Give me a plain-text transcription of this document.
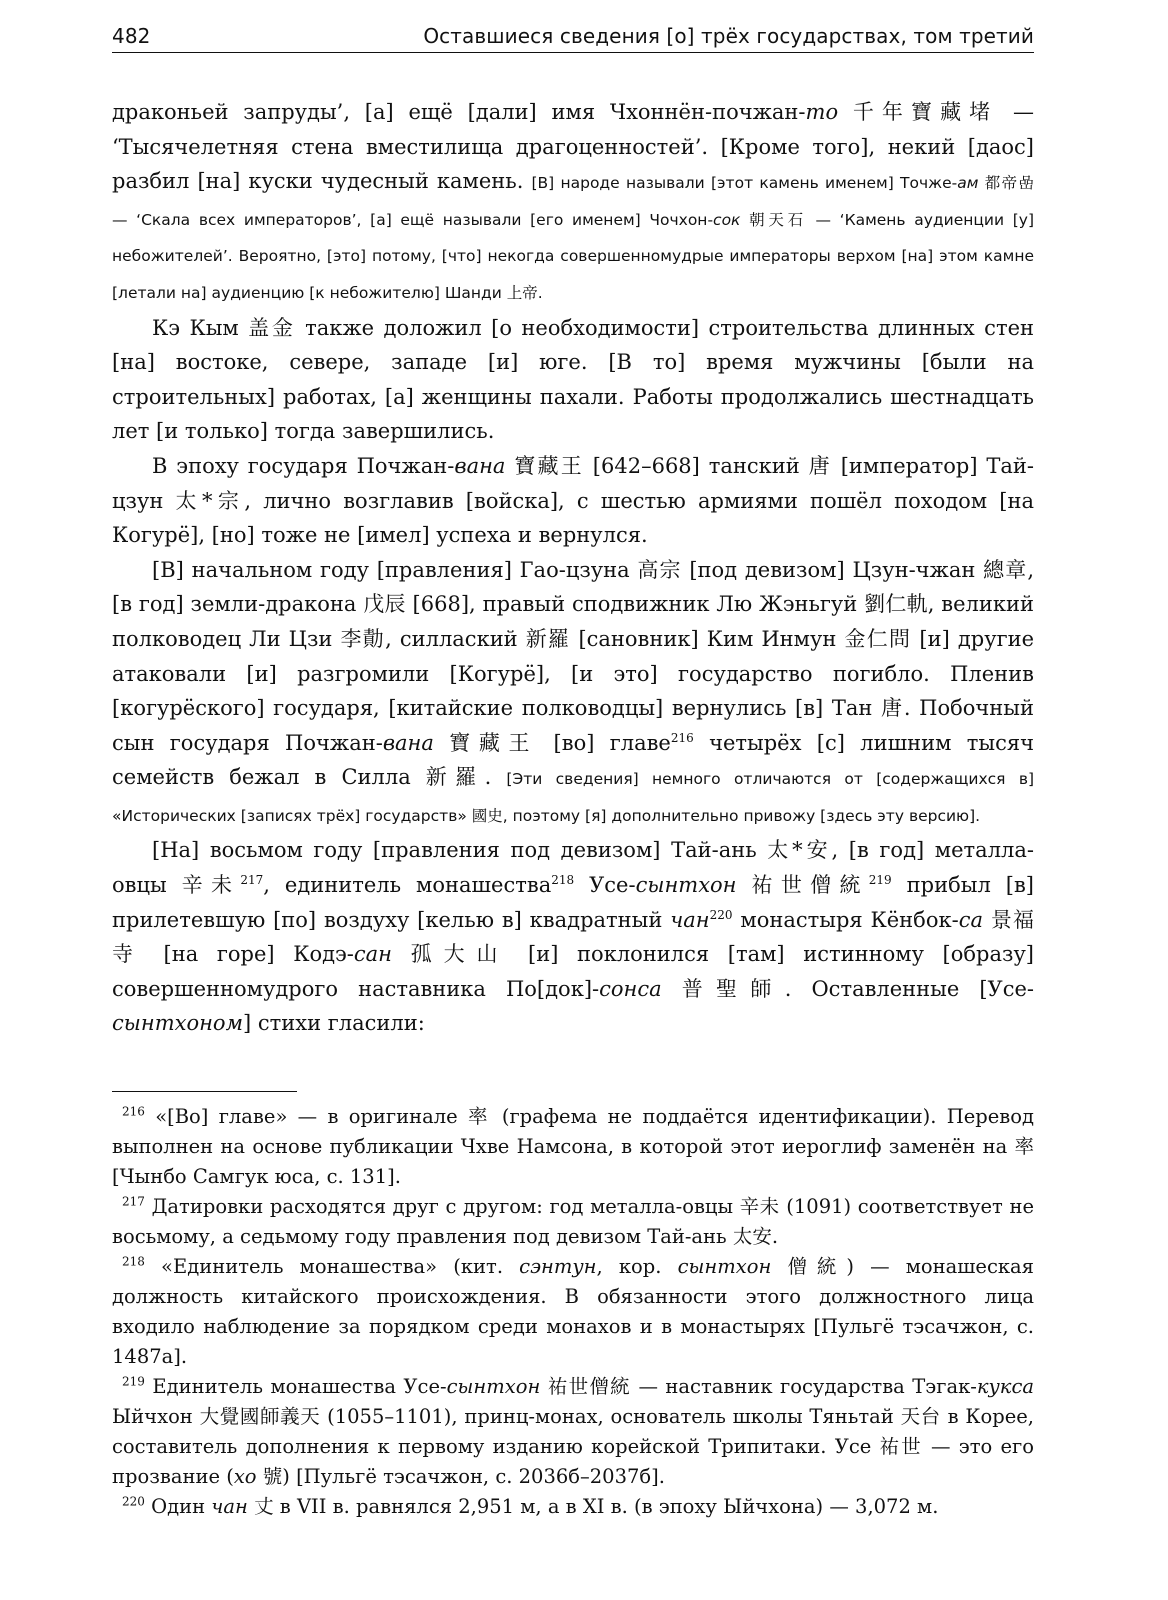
482	Оставшиеся сведения [о] трёх государствах, том третий

драконьей запруды’, [а] ещё [дали] имя Чхоннён-почжан-то 千年寶藏堵 — ‘Тысячелетняя стена вместилища драгоценностей’. [Кроме того], некий [даос] разбил [на] куски чудесный камень. [В] народе называли [этот камень именем] Точже-ам 都帝嵒 — ‘Скала всех императоров’, [а] ещё называли [его именем] Чочхон-сок 朝天石 — ‘Камень аудиенции [у] небожителей’. Вероятно, [это] потому, [что] некогда совершенномудрые императоры верхом [на] этом камне [летали на] аудиенцию [к небожителю] Шанди 上帝.

Кэ Кым 盖金 также доложил [о необходимости] строительства длинных стен [на] востоке, севере, западе [и] юге. [В то] время мужчины [были на строительных] работах, [а] женщины пахали. Работы продолжались шестнадцать лет [и только] тогда завершились.

В эпоху государя Почжан-вана 寶藏王 [642–668] танский 唐 [император] Тай-цзун 太*宗, лично возглавив [войска], с шестью армиями пошёл походом [на Когурё], [но] тоже не [имел] успеха и вернулся.

[В] начальном году [правления] Гао-цзуна 高宗 [под девизом] Цзун-чжан 總章, [в год] земли-дракона 戊辰 [668], правый сподвижник Лю Жэньгуй 劉仁軌, великий полководец Ли Цзи 李勣, силлаский 新羅 [сановник] Ким Инмун 金仁問 [и] другие атаковали [и] разгромили [Когурё], [и это] государство погибло. Пленив [когурёского] государя, [китайские полководцы] вернулись [в] Тан 唐. Побочный сын государя Почжан-вана 寶藏王 [во] главе$^{216}$ четырёх [с] лишним тысяч семейств бежал в Силла 新羅. [Эти сведения] немного отличаются от [содержащихся в] «Исторических [записях трёх] государств» 國史, поэтому [я] дополнительно привожу [здесь эту версию].

[На] восьмом году [правления под девизом] Тай-ань 太*安, [в год] металла-овцы 辛未$^{217}$, единитель монашества$^{218}$ Усе-сынтхон 祐世僧統$^{219}$ прибыл [в] прилетевшую [по] воздуху [келью в] квадратный чан$^{220}$ монастыря Кёнбок-са 景福寺 [на горе] Кодэ-сан 孤大山 [и] поклонился [там] истинному [образу] совершенномудрого наставника По[док]-сонса 普聖師. Оставленные [Усе-сынтхоном] стихи гласили:

$^{216}$ «[Во] главе» — в оригинале 率 (графема не поддаётся идентификации). Перевод выполнен на основе публикации Чхве Намсона, в которой этот иероглиф заменён на 率 [Чынбо Самгук юса, с. 131].

$^{217}$ Датировки расходятся друг с другом: год металла-овцы 辛未 (1091) соответствует не восьмому, а седьмому году правления под девизом Тай-ань 太安.

$^{218}$ «Единитель монашества» (кит. сэнтун, кор. сынтхон 僧統) — монашеская должность китайского происхождения. В обязанности этого должностного лица входило наблюдение за порядком среди монахов и в монастырях [Пульгё тэсачжон, с. 1487а].

$^{219}$ Единитель монашества Усе-сынтхон 祐世僧統 — наставник государства Тэгак-кукса Ыйчхон 大覺國師義天 (1055–1101), принц-монах, основатель школы Тяньтай 天台 в Корее, составитель дополнения к первому изданию корейской Трипитаки. Усе 祐世 — это его прозвание (хо 號) [Пульгё тэсачжон, с. 2036б–2037б].

$^{220}$ Один чан 丈 в VII в. равнялся 2,951 м, а в XI в. (в эпоху Ыйчхона) — 3,072 м.
